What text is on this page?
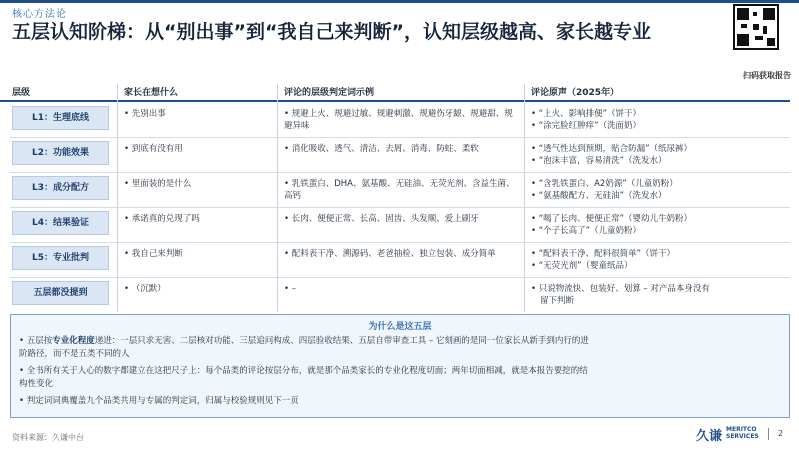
核心方法论
五层认知阶梯：从“别出事”到“我自己来判断”，认知层级越高、家长越专业
扫码获取报告
层级	家长在想什么	评论的层级判定词示例	评论原声（2025年）
L1：生理底线	• 先别出事	• 规避上火、规避过敏、规避刺激、规避伤牙龈、规避甜、规避异味
• “上火、影响排便”（饼干）
• “涂完脸红肿痒”（洗面奶）
L2：功能效果	• 到底有没有用	• 消化吸收、透气、清洁、去屑、消毒、防蛀、柔软	• “透气性达到预期，贴合防漏”（纸尿裤）
• “泡沫丰富，容易清洗”（洗发水）
L3：成分配方	• 里面装的是什么	• 乳铁蛋白、DHA、氨基酸、无硅油、无荧光剂、含益生菌、高钙
• “含乳铁蛋白、A2奶源”（儿童奶粉）
• “氨基酸配方、无硅油”（洗发水）
L4：结果验证	• 承诺真的兑现了吗	• 长肉、便便正常、长高、固齿、头发顺、爱上刷牙	• “喝了长肉、便便正常”（婴幼儿牛奶粉）
• “个子长高了”（儿童奶粉）
L5：专业批判	• 我自己来判断	• 配料表干净、溯源码、老爸抽检、独立包装、成分简单	• “配料表干净、配料很简单”（饼干）
• “无荧光剂”（婴童纸品）
五层都没提到	• （沉默）	• –	• 只说物流快、包装好、划算 – 对产品本身没有
留下判断
为什么是这五层
• 五层按专业化程度递进：一层只求无害、二层核对功能、三层追问构成、四层验收结果、五层自带审查工具 – 它刻画的是同一位家长从新手到内行的进
阶路径，而不是五类不同的人
• 全书所有关于人心的数字都建立在这把尺子上：每个品类的评论按层分布，就是那个品类家长的专业化程度切面；两年切面相减，就是本报告要挖的结
构性变化
• 判定词词典覆盖九个品类共用与专属的判定词，归属与校验规则见下一页
资料来源：久谦中台	久谦 MERITCO
SERVICES 2
